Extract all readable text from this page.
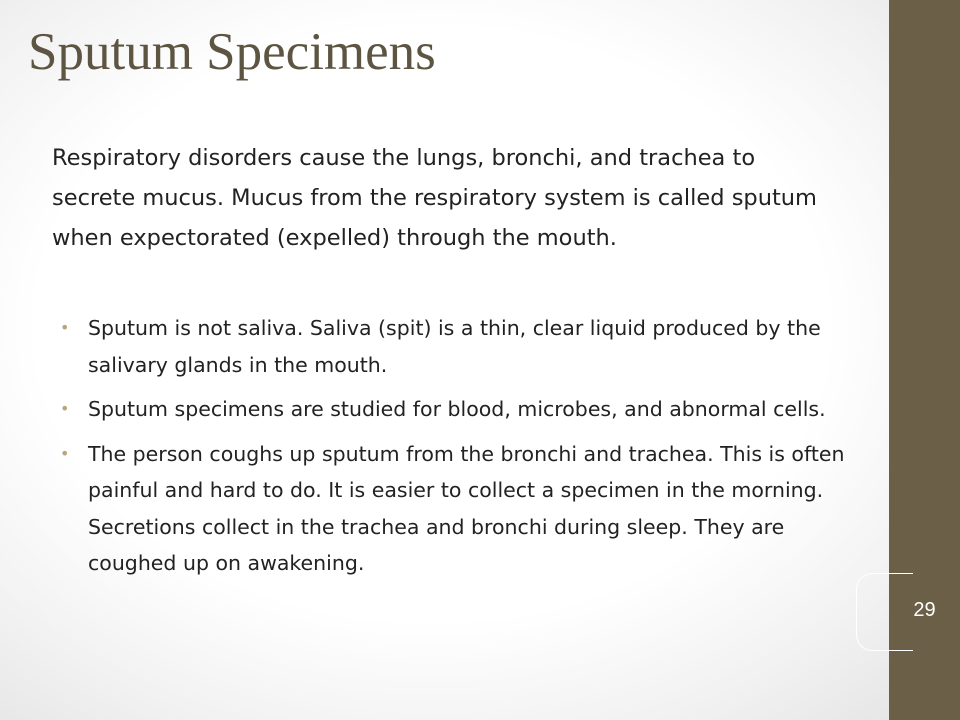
Sputum Specimens

Respiratory disorders cause the lungs, bronchi, and trachea to secrete mucus. Mucus from the respiratory system is called sputum when expectorated (expelled) through the mouth.

• Sputum is not saliva. Saliva (spit) is a thin, clear liquid produced by the salivary glands in the mouth.
• Sputum specimens are studied for blood, microbes, and abnormal cells.
• The person coughs up sputum from the bronchi and trachea. This is often painful and hard to do. It is easier to collect a specimen in the morning. Secretions collect in the trachea and bronchi during sleep. They are coughed up on awakening.
29
